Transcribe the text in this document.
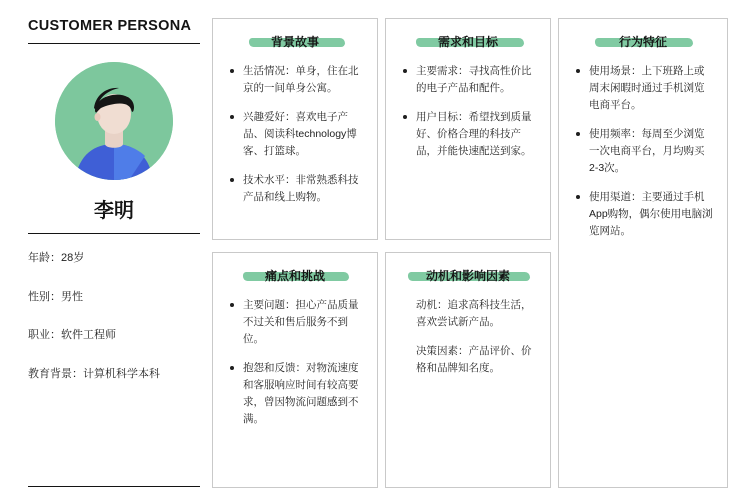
CUSTOMER PERSONA
李明
年龄： 28岁
性别： 男性
职业： 软件工程师
教育背景： 计算机科学本科
背景故事
生活情况：单身，住在北京的一间单身公寓。
兴趣爱好：喜欢电子产品、阅读科technology博客、打篮球。
技术水平：非常熟悉科技产品和线上购物。
需求和目标
主要需求：寻找高性价比的电子产品和配件。
用户目标：希望找到质量好、价格合理的科技产品，并能快速配送到家。
行为特征
使用场景：上下班路上或周末闲暇时通过手机浏览电商平台。
使用频率：每周至少浏览一次电商平台，月均购买2-3次。
使用渠道：主要通过手机App购物，偶尔使用电脑浏览网站。
痛点和挑战
主要问题：担心产品质量不过关和售后服务不到位。
抱怨和反馈：对物流速度和客服响应时间有较高要求，曾因物流问题感到不满。
动机和影响因素
动机：追求高科技生活，喜欢尝试新产品。
决策因素：产品评价、价格和品牌知名度。
